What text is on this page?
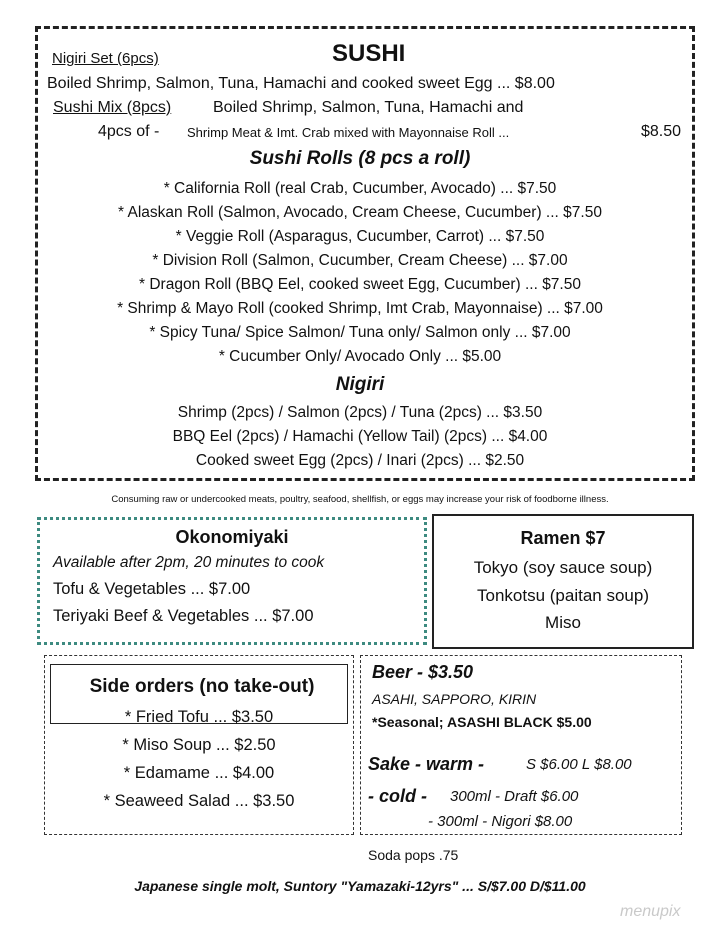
Nigiri Set (6pcs)	SUSHI
Boiled Shrimp, Salmon, Tuna, Hamachi and cooked sweet Egg ... $8.00
Sushi Mix (8pcs)	Boiled Shrimp, Salmon, Tuna, Hamachi and
4pcs of - Shrimp Meat & Imt. Crab mixed with Mayonnaise Roll ...	$8.50
Sushi Rolls (8 pcs a roll)
* California Roll (real Crab, Cucumber, Avocado) ... $7.50
* Alaskan Roll (Salmon, Avocado, Cream Cheese, Cucumber) ... $7.50
* Veggie Roll (Asparagus, Cucumber, Carrot) ... $7.50
* Division Roll (Salmon, Cucumber, Cream Cheese) ... $7.00
* Dragon Roll (BBQ Eel, cooked sweet Egg, Cucumber) ... $7.50
* Shrimp & Mayo Roll (cooked Shrimp, Imt Crab, Mayonnaise) ... $7.00
* Spicy Tuna/ Spice Salmon/ Tuna only/ Salmon only ... $7.00
* Cucumber Only/ Avocado Only ... $5.00
Nigiri
Shrimp (2pcs) / Salmon (2pcs) / Tuna (2pcs) ... $3.50
BBQ Eel (2pcs) / Hamachi (Yellow Tail) (2pcs) ... $4.00
Cooked sweet Egg (2pcs) / Inari (2pcs) ... $2.50
Consuming raw or undercooked meats, poultry, seafood, shellfish, or eggs may increase your risk of foodborne illness.
Okonomiyaki
Available after 2pm, 20 minutes to cook
Tofu & Vegetables ... $7.00
Teriyaki Beef & Vegetables ... $7.00
Ramen $7
Tokyo (soy sauce soup)
Tonkotsu (paitan soup)
Miso
Side orders (no take-out)
* Fried Tofu ... $3.50
* Miso Soup ... $2.50
* Edamame ... $4.00
* Seaweed Salad ... $3.50
Beer - $3.50
ASAHI, SAPPORO, KIRIN
*Seasonal; ASASHI BLACK $5.00
Sake - warm -	S $6.00 L $8.00
- cold - 300ml - Draft $6.00
- 300ml - Nigori $8.00
Soda pops .75
Japanese single molt, Suntory "Yamazaki-12yrs" ... S/$7.00 D/$11.00
menupix
